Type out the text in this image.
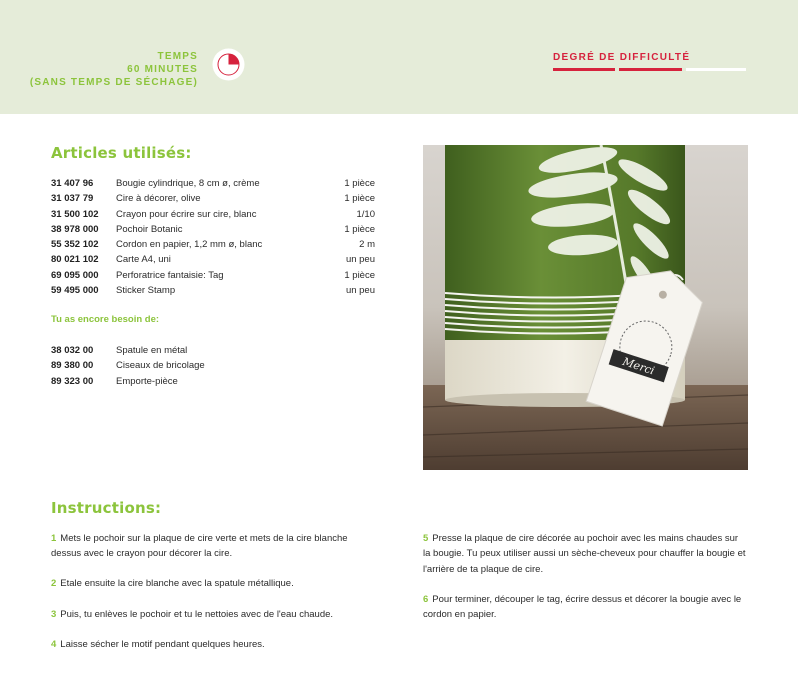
TEMPS
60 MINUTES
(SANS TEMPS DE SÉCHAGE)
DEGRÉ DE DIFFICULTÉ
Articles utilisés:
31 407 96	Bougie cylindrique, 8 cm ø, crème	1 pièce
31 037 79	Cire à décorer, olive	1 pièce
31 500 102	Crayon pour écrire sur cire, blanc	1/10
38 978 000	Pochoir Botanic	1 pièce
55 352 102	Cordon en papier, 1,2 mm ø, blanc	2 m
80 021 102	Carte A4, uni	un peu
69 095 000	Perforatrice fantaisie: Tag	1 pièce
59 495 000	Sticker Stamp	un peu
Tu as encore besoin de:
38 032 00	Spatule en métal
89 380 00	Ciseaux de bricolage
89 323 00	Emporte-pièce
Merci
Instructions:
1 Mets le pochoir sur la plaque de cire verte et mets de la cire blanche dessus avec le crayon pour décorer la cire.
2 Etale ensuite la cire blanche avec la spatule métallique.
3 Puis, tu enlèves le pochoir et tu le nettoies avec de l'eau chaude.
4 Laisse sécher le motif pendant quelques heures.
5 Presse la plaque de cire décorée au pochoir avec les mains chaudes sur la bougie. Tu peux utiliser aussi un sèche-cheveux pour chauffer la bougie et l'arrière de ta plaque de cire.
6 Pour terminer, découper le tag, écrire dessus et décorer la bougie avec le cordon en papier.
